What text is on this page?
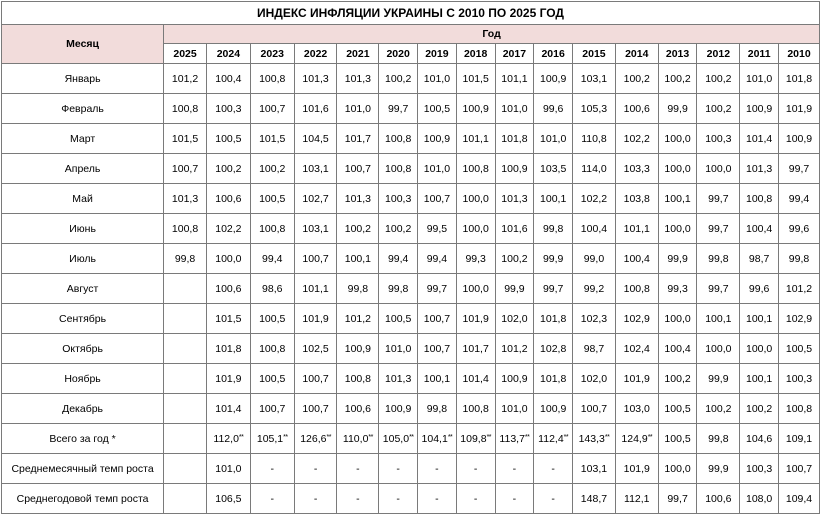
ИНДЕКС ИНФЛЯЦИИ УКРАИНЫ С 2010 ПО 2025 ГОД																
Месяц	Год															
	2025	2024	2023	2022	2021	2020	2019	2018	2017	2016	2015	2014	2013	2012	2011	2010
Январь	101,2	100,4	100,8	101,3	101,3	100,2	101,0	101,5	101,1	100,9	103,1	100,2	100,2	100,2	101,0	101,8
Февраль	100,8	100,3	100,7	101,6	101,0	99,7	100,5	100,9	101,0	99,6	105,3	100,6	99,9	100,2	100,9	101,9
Март	101,5	100,5	101,5	104,5	101,7	100,8	100,9	101,1	101,8	101,0	110,8	102,2	100,0	100,3	101,4	100,9
Апрель	100,7	100,2	100,2	103,1	100,7	100,8	101,0	100,8	100,9	103,5	114,0	103,3	100,0	100,0	101,3	99,7
Май	101,3	100,6	100,5	102,7	101,3	100,3	100,7	100,0	101,3	100,1	102,2	103,8	100,1	99,7	100,8	99,4
Июнь	100,8	102,2	100,8	103,1	100,2	100,2	99,5	100,0	101,6	99,8	100,4	101,1	100,0	99,7	100,4	99,6
Июль	99,8	100,0	99,4	100,7	100,1	99,4	99,4	99,3	100,2	99,9	99,0	100,4	99,9	99,8	98,7	99,8
Август		100,6	98,6	101,1	99,8	99,8	99,7	100,0	99,9	99,7	99,2	100,8	99,3	99,7	99,6	101,2
Сентябрь		101,5	100,5	101,9	101,2	100,5	100,7	101,9	102,0	101,8	102,3	102,9	100,0	100,1	100,1	102,9
Октябрь		101,8	100,8	102,5	100,9	101,0	100,7	101,7	101,2	102,8	98,7	102,4	100,4	100,0	100,0	100,5
Ноябрь		101,9	100,5	100,7	100,8	101,3	100,1	101,4	100,9	101,8	102,0	101,9	100,2	99,9	100,1	100,3
Декабрь		101,4	100,7	100,7	100,6	100,9	99,8	100,8	101,0	100,9	100,7	103,0	100,5	100,2	100,2	100,8
Всего за год *		112,0**	105,1**	126,6**	110,0**	105,0**	104,1**	109,8**	113,7**	112,4**	143,3**	124,9**	100,5	99,8	104,6	109,1
Среднемесячный темп роста		101,0	-	-	-	-	-	-	-	-	103,1	101,9	100,0	99,9	100,3	100,7
Среднегодовой темп роста		106,5	-	-	-	-	-	-	-	-	148,7	112,1	99,7	100,6	108,0	109,4
